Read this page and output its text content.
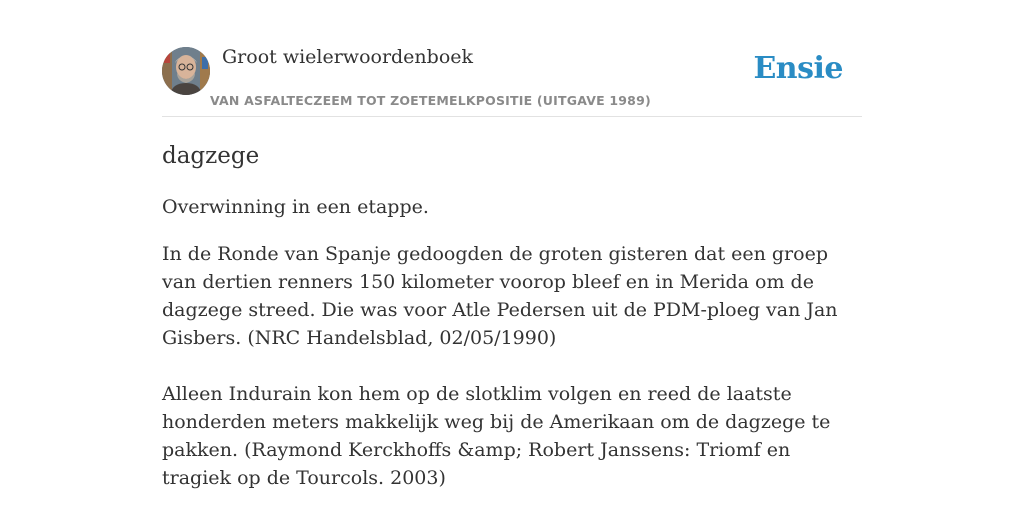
Groot wielerwoordenboek
VAN ASFALTECZEEM TOT ZOETEMELKPOSITIE (UITGAVE 1989)
Ensie
dagzege

Overwinning in een etappe.

In de Ronde van Spanje gedoogden de groten gisteren dat een groep van dertien renners 150 kilometer voorop bleef en in Merida om de dagzege streed. Die was voor Atle Pedersen uit de PDM-ploeg van Jan Gisbers. (NRC Handelsblad, 02/05/1990)

Alleen Indurain kon hem op de slotklim volgen en reed de laatste honderden meters makkelijk weg bij de Amerikaan om de dagzege te pakken. (Raymond Kerckhoffs &amp; Robert Janssens: Triomf en tragiek op de Tourcols. 2003)
